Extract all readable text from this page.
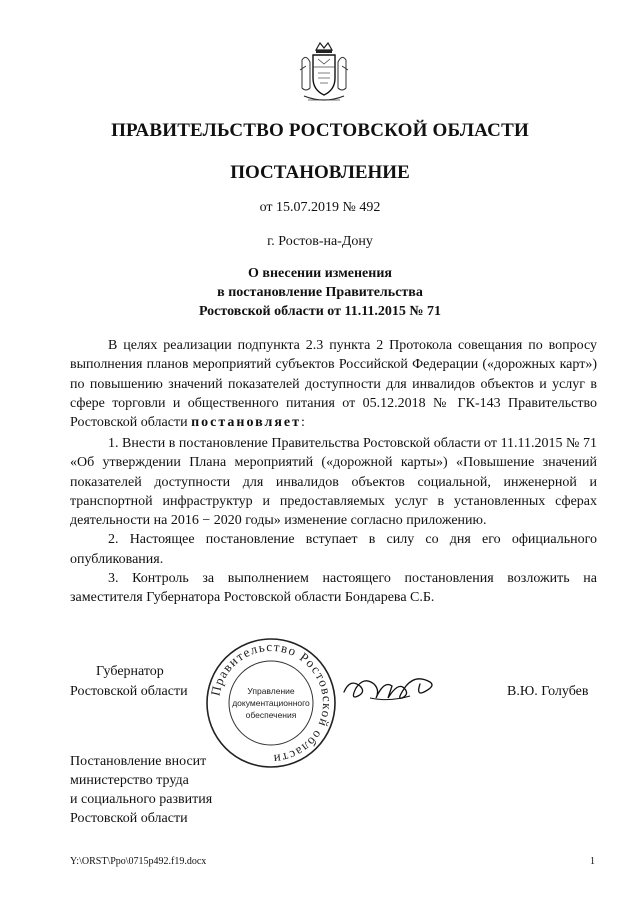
ПРАВИТЕЛЬСТВО РОСТОВСКОЙ ОБЛАСТИ
ПОСТАНОВЛЕНИЕ
от 15.07.2019 № 492
г. Ростов-на-Дону
О внесении изменения
в постановление Правительства
Ростовской области от 11.11.2015 № 71

В целях реализации подпункта 2.3 пункта 2 Протокола совещания по вопросу выполнения планов мероприятий субъектов Российской Федерации («дорожных карт») по повышению значений показателей доступности для инвалидов объектов и услуг в сфере торговли и общественного питания от 05.12.2018 № ГК-143 Правительство Ростовской области постановляет:

1. Внести в постановление Правительства Ростовской области от 11.11.2015 № 71 «Об утверждении Плана мероприятий («дорожной карты») «Повышение значений показателей доступности для инвалидов объектов социальной, инженерной и транспортной инфраструктур и предоставляемых услуг в установленных сферах деятельности на 2016 − 2020 годы» изменение согласно приложению.

2. Настоящее постановление вступает в силу со дня его официального опубликования.

3. Контроль за выполнением настоящего постановления возложить на заместителя Губернатора Ростовской области Бондарева С.Б.

Губернатор
Ростовской области Правительство Ростовской области
Управление
документационного
обеспечения
В.Ю. Голубев
Постановление вносит
министерство труда
и социального развития
Ростовской области
Y:\ORST\Ppo\0715p492.f19.docx	1
